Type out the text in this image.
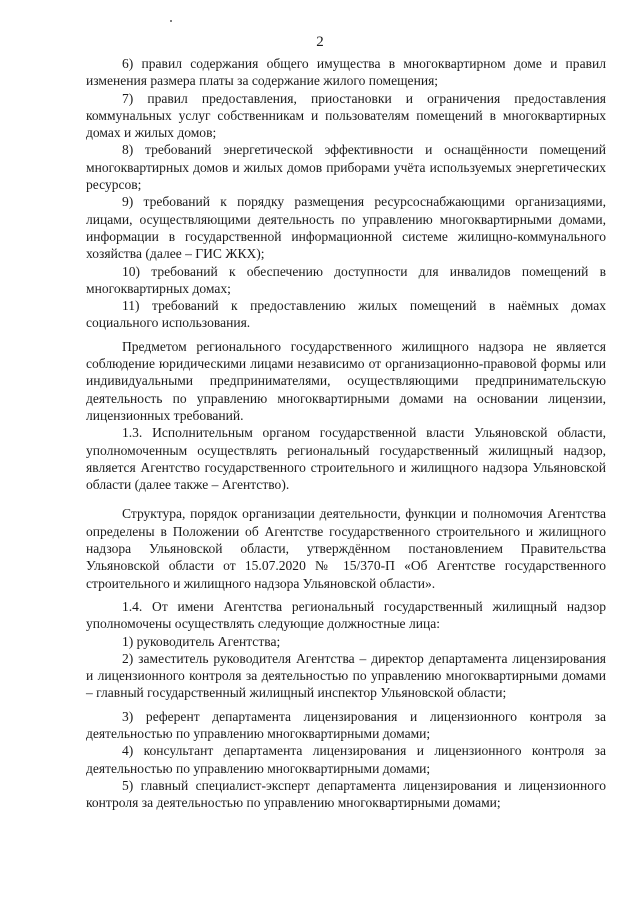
2

6) правил содержания общего имущества в многоквартирном доме и правил изменения размера платы за содержание жилого помещения;

7) правил предоставления, приостановки и ограничения предоставления коммунальных услуг собственникам и пользователям помещений в многоквартирных домах и жилых домов;

8) требований энергетической эффективности и оснащённости помещений многоквартирных домов и жилых домов приборами учёта используемых энергетических ресурсов;

9) требований к порядку размещения ресурсоснабжающими организациями, лицами, осуществляющими деятельность по управлению многоквартирными домами, информации в государственной информационной системе жилищно-коммунального хозяйства (далее – ГИС ЖКХ);

10) требований к обеспечению доступности для инвалидов помещений в многоквартирных домах;

11) требований к предоставлению жилых помещений в наёмных домах социального использования.

Предметом регионального государственного жилищного надзора не является соблюдение юридическими лицами независимо от организационно-правовой формы или индивидуальными предпринимателями, осуществляющими предпринимательскую деятельность по управлению многоквартирными домами на основании лицензии, лицензионных требований.

1.3. Исполнительным органом государственной власти Ульяновской области, уполномоченным осуществлять региональный государственный жилищный надзор, является Агентство государственного строительного и жилищного надзора Ульяновской области (далее также – Агентство).

Структура, порядок организации деятельности, функции и полномочия Агентства определены в Положении об Агентстве государственного строительного и жилищного надзора Ульяновской области, утверждённом постановлением Правительства Ульяновской области от 15.07.2020 № 15/370-П «Об Агентстве государственного строительного и жилищного надзора Ульяновской области».

1.4. От имени Агентства региональный государственный жилищный надзор уполномочены осуществлять следующие должностные лица:

1) руководитель Агентства;

2) заместитель руководителя Агентства – директор департамента лицензирования и лицензионного контроля за деятельностью по управлению многоквартирными домами – главный государственный жилищный инспектор Ульяновской области;

3) референт департамента лицензирования и лицензионного контроля за деятельностью по управлению многоквартирными домами;

4) консультант департамента лицензирования и лицензионного контроля за деятельностью по управлению многоквартирными домами;

5) главный специалист-эксперт департамента лицензирования и лицензионного контроля за деятельностью по управлению многоквартирными домами;
